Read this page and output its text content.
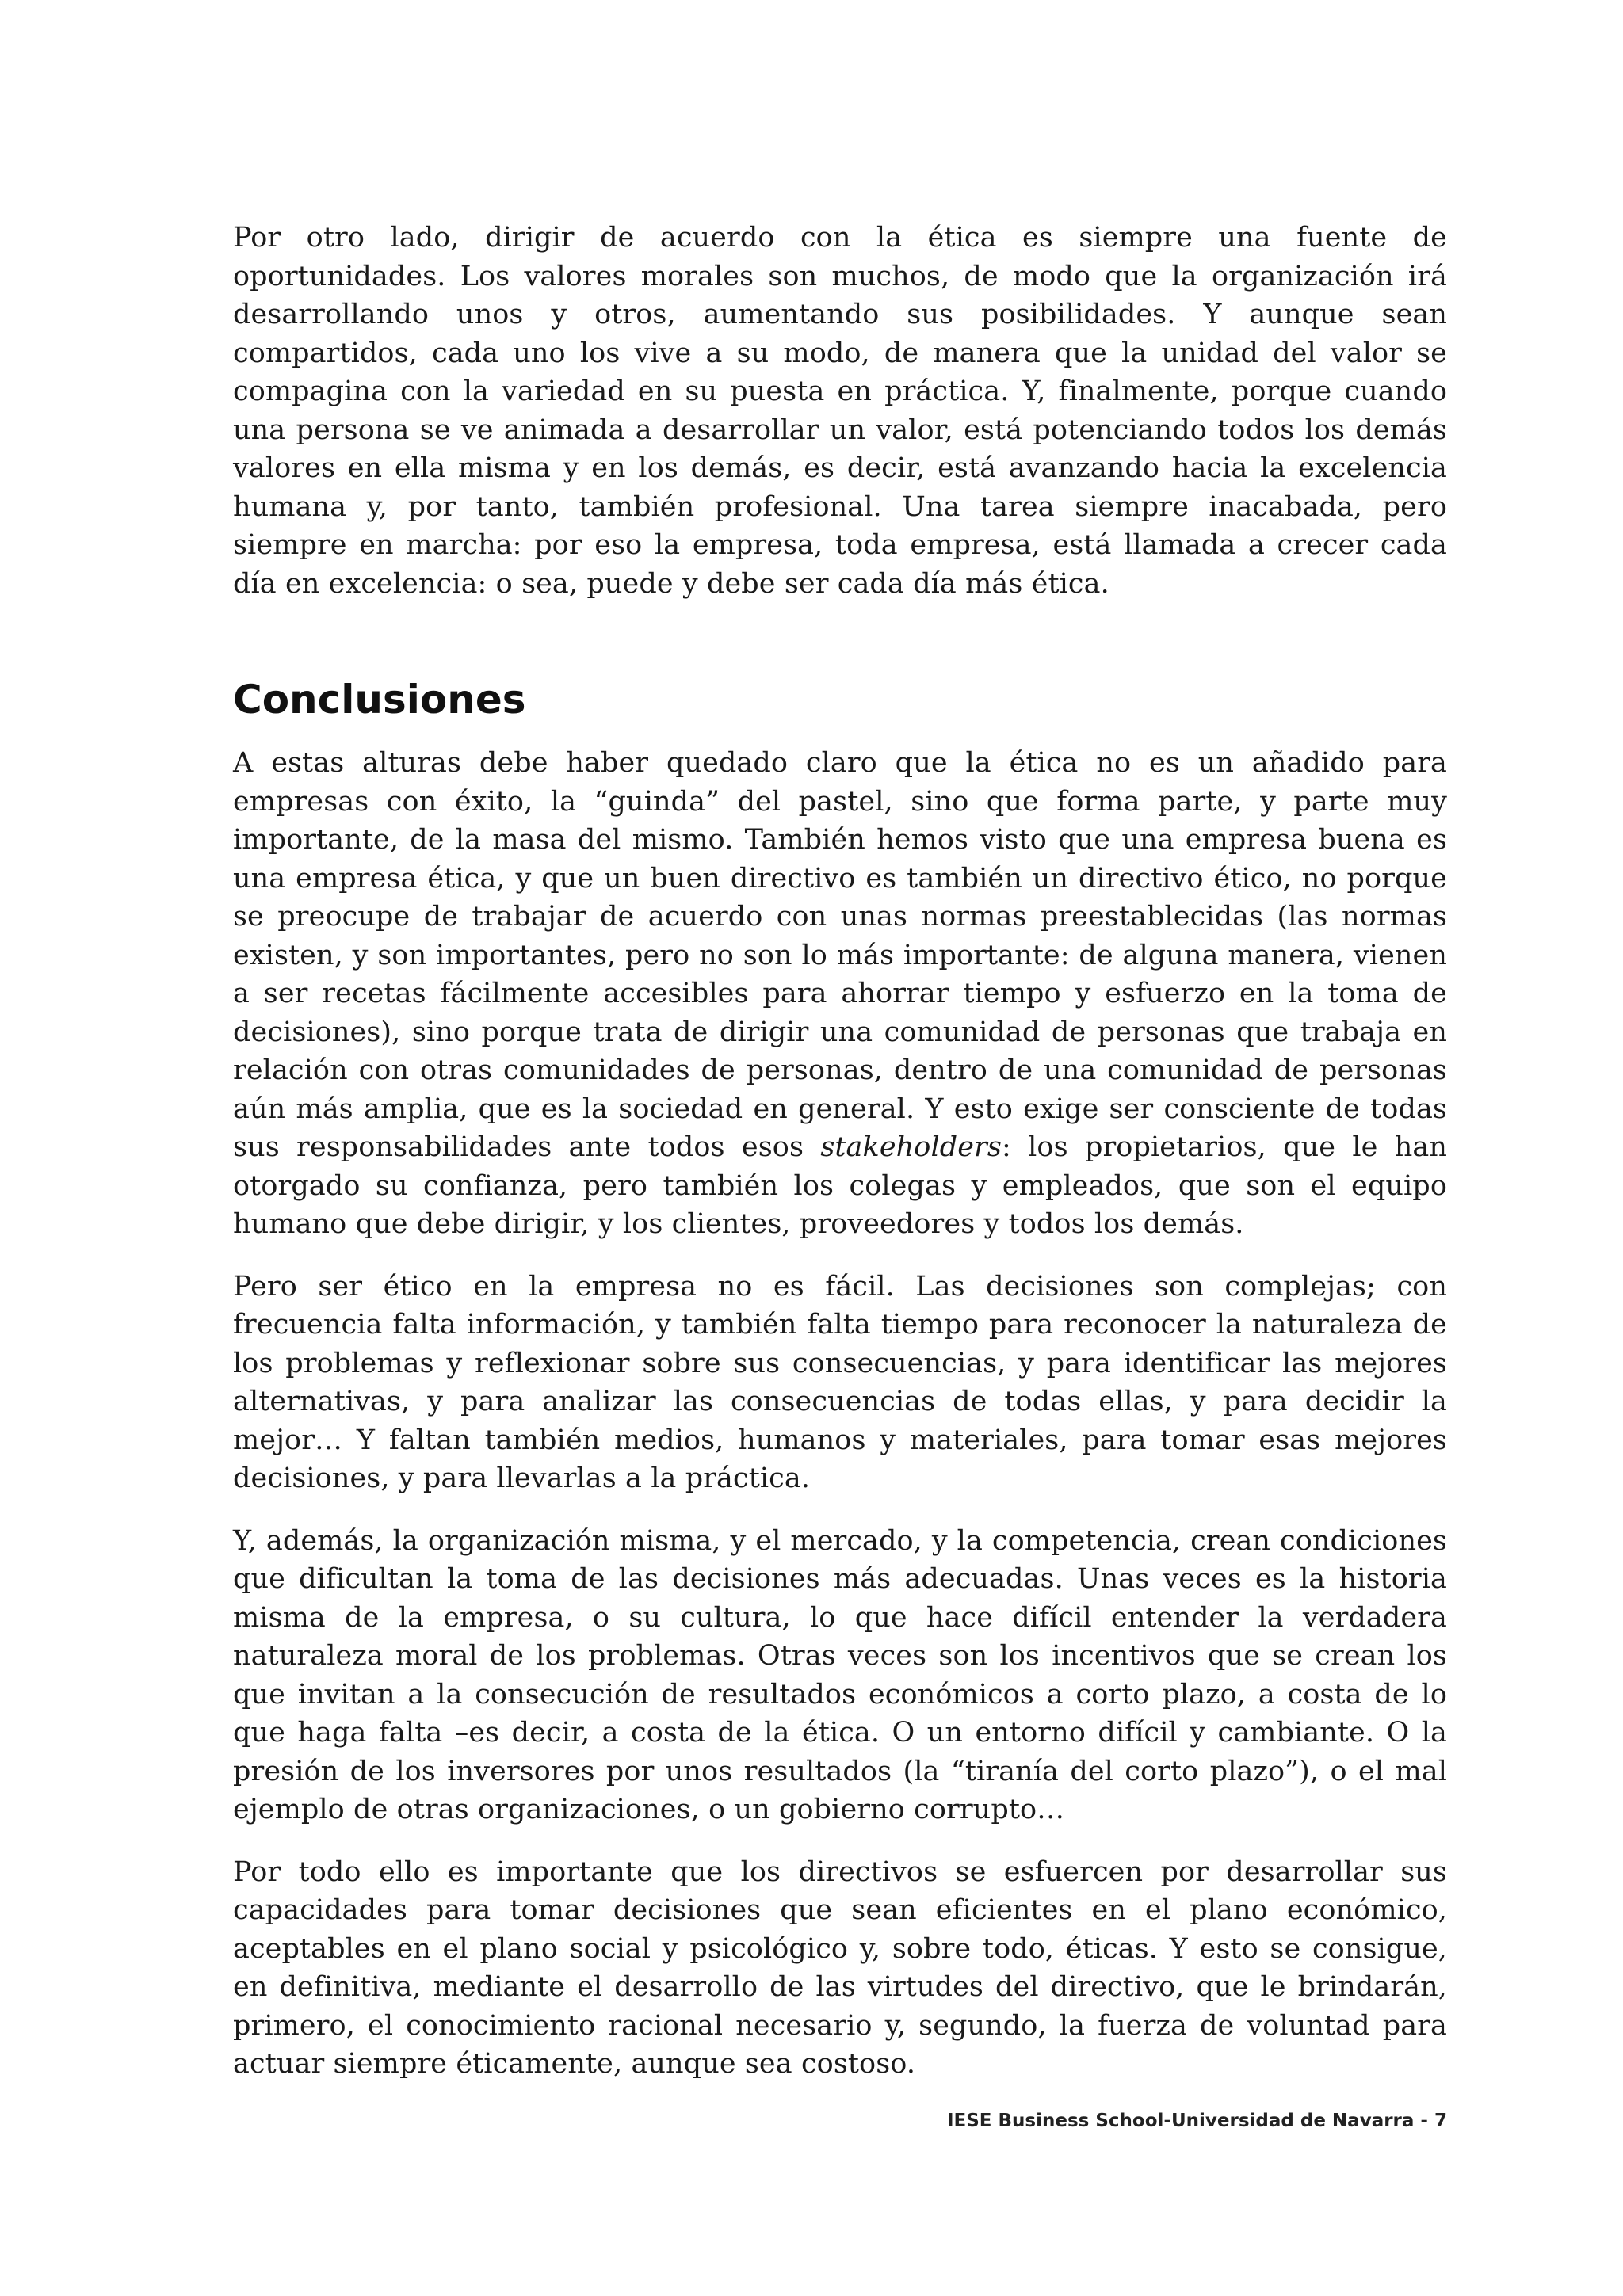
Por otro lado, dirigir de acuerdo con la ética es siempre una fuente de oportunidades. Los valores morales son muchos, de modo que la organización irá desarrollando unos y otros, aumentando sus posibilidades. Y aunque sean compartidos, cada uno los vive a su modo, de manera que la unidad del valor se compagina con la variedad en su puesta en práctica. Y, finalmente, porque cuando una persona se ve animada a desarrollar un valor, está potenciando todos los demás valores en ella misma y en los demás, es decir, está avanzando hacia la excelencia humana y, por tanto, también profesional. Una tarea siempre inacabada, pero siempre en marcha: por eso la empresa, toda empresa, está llamada a crecer cada día en excelencia: o sea, puede y debe ser cada día más ética.

Conclusiones

A estas alturas debe haber quedado claro que la ética no es un añadido para empresas con éxito, la “guinda” del pastel, sino que forma parte, y parte muy importante, de la masa del mismo. También hemos visto que una empresa buena es una empresa ética, y que un buen directivo es también un directivo ético, no porque se preocupe de trabajar de acuerdo con unas normas preestablecidas (las normas existen, y son importantes, pero no son lo más importante: de alguna manera, vienen a ser recetas fácilmente accesibles para ahorrar tiempo y esfuerzo en la toma de decisiones), sino porque trata de dirigir una comunidad de personas que trabaja en relación con otras comunidades de personas, dentro de una comunidad de personas aún más amplia, que es la sociedad en general. Y esto exige ser consciente de todas sus responsabilidades ante todos esos stakeholders: los propietarios, que le han otorgado su confianza, pero también los colegas y empleados, que son el equipo humano que debe dirigir, y los clientes, proveedores y todos los demás.

Pero ser ético en la empresa no es fácil. Las decisiones son complejas; con frecuencia falta información, y también falta tiempo para reconocer la naturaleza de los problemas y reflexionar sobre sus consecuencias, y para identificar las mejores alternativas, y para analizar las consecuencias de todas ellas, y para decidir la mejor… Y faltan también medios, humanos y materiales, para tomar esas mejores decisiones, y para llevarlas a la práctica.

Y, además, la organización misma, y el mercado, y la competencia, crean condiciones que dificultan la toma de las decisiones más adecuadas. Unas veces es la historia misma de la empresa, o su cultura, lo que hace difícil entender la verdadera naturaleza moral de los problemas. Otras veces son los incentivos que se crean los que invitan a la consecución de resultados económicos a corto plazo, a costa de lo que haga falta –es decir, a costa de la ética. O un entorno difícil y cambiante. O la presión de los inversores por unos resultados (la “tiranía del corto plazo”), o el mal ejemplo de otras organizaciones, o un gobierno corrupto…

Por todo ello es importante que los directivos se esfuercen por desarrollar sus capacidades para tomar decisiones que sean eficientes en el plano económico, aceptables en el plano social y psicológico y, sobre todo, éticas. Y esto se consigue, en definitiva, mediante el desarrollo de las virtudes del directivo, que le brindarán, primero, el conocimiento racional necesario y, segundo, la fuerza de voluntad para actuar siempre éticamente, aunque sea costoso.

IESE Business School-Universidad de Navarra - 7
